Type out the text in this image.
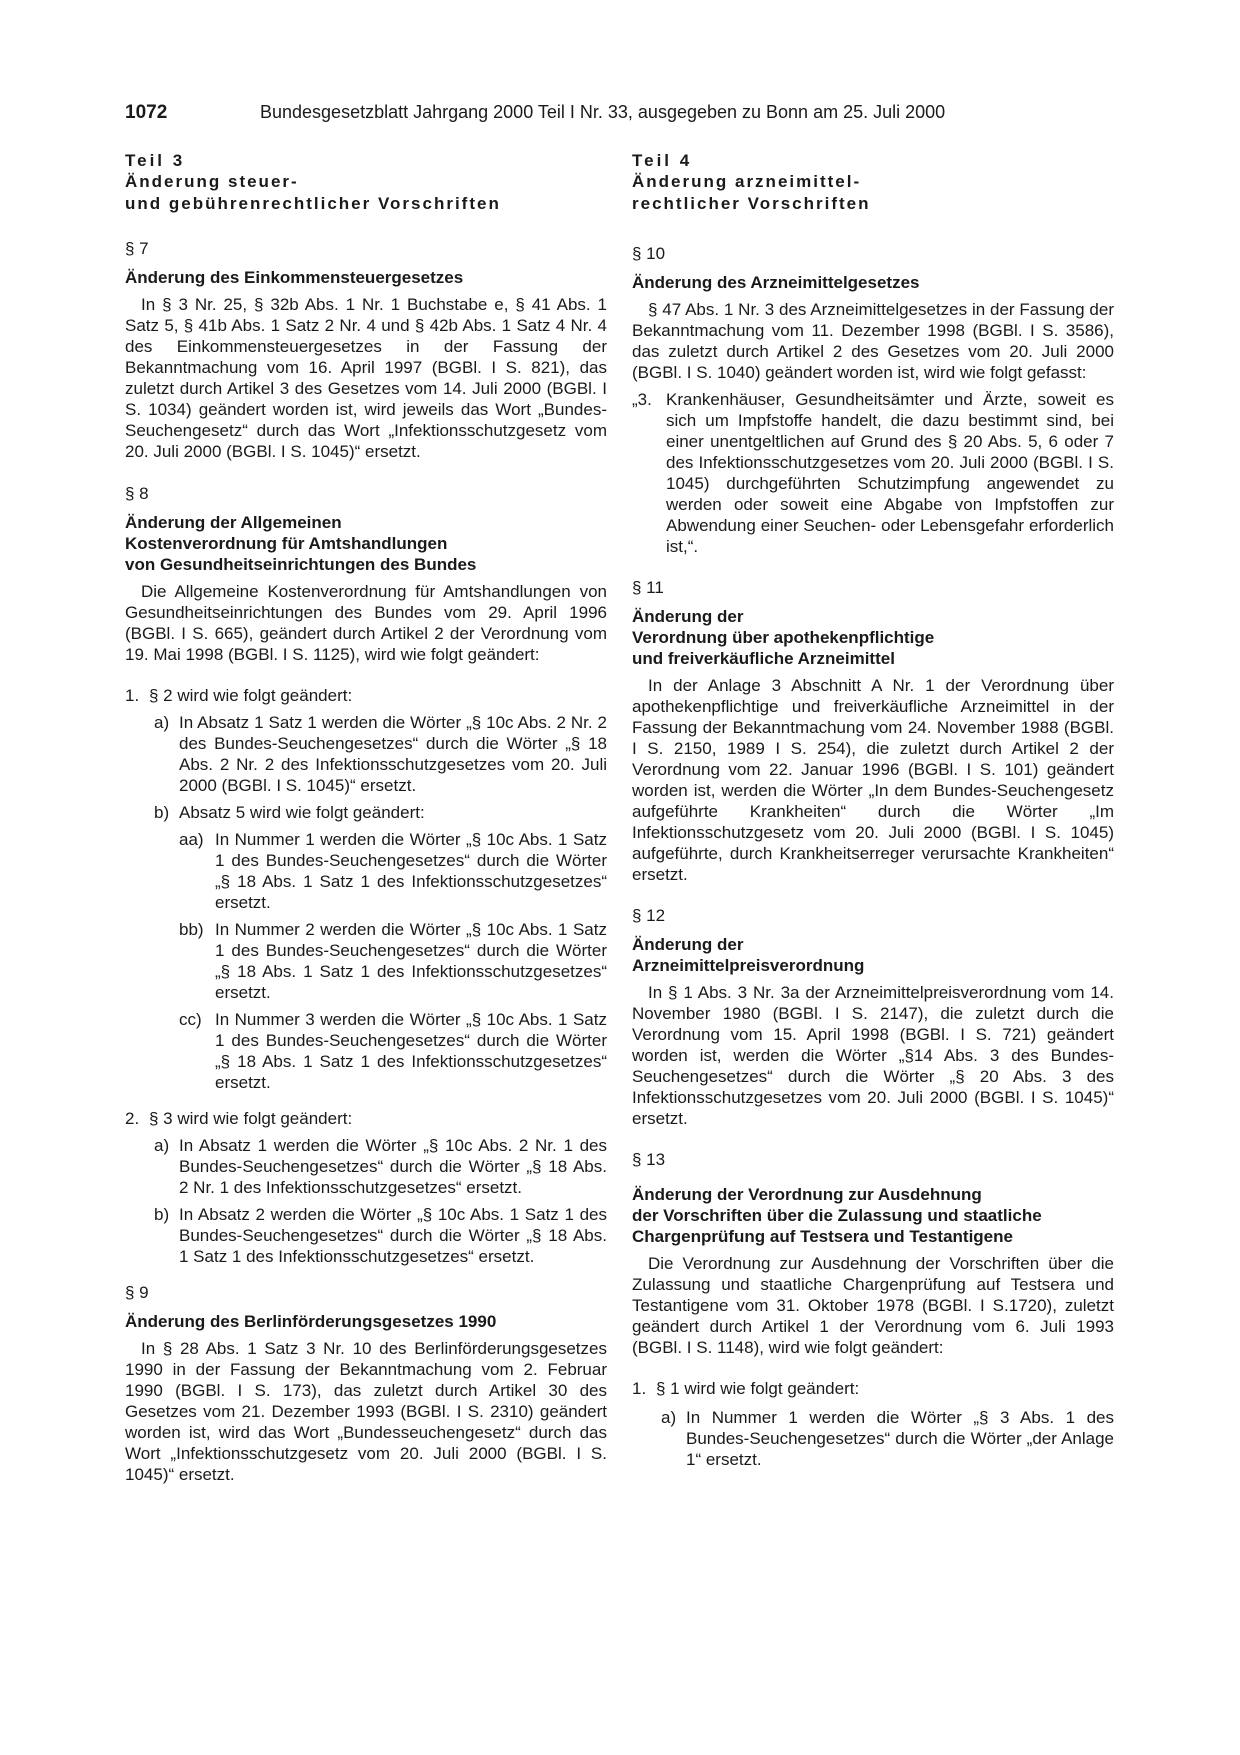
1072	Bundesgesetzblatt Jahrgang 2000 Teil I Nr. 33, ausgegeben zu Bonn am 25. Juli 2000

Teil 3

Änderung steuer-
und gebührenrechtlicher Vorschriften

§ 7

Änderung des Einkommensteuergesetzes

In § 3 Nr. 25, § 32b Abs. 1 Nr. 1 Buchstabe e, § 41 Abs. 1 Satz 5, § 41b Abs. 1 Satz 2 Nr. 4 und § 42b Abs. 1 Satz 4 Nr. 4 des Einkommensteuergesetzes in der Fassung der Bekanntmachung vom 16. April 1997 (BGBl. I S. 821), das zuletzt durch Artikel 3 des Gesetzes vom 14. Juli 2000 (BGBl. I S. 1034) geändert worden ist, wird jeweils das Wort „Bundes-Seuchengesetz“ durch das Wort „Infektionsschutzgesetz vom 20. Juli 2000 (BGBl. I S. 1045)“ ersetzt.

§ 8

Änderung der Allgemeinen
Kostenverordnung für Amtshandlungen
von Gesundheitseinrichtungen des Bundes

Die Allgemeine Kostenverordnung für Amtshandlungen von Gesundheitseinrichtungen des Bundes vom 29. April 1996 (BGBl. I S. 665), geändert durch Artikel 2 der Verordnung vom 19. Mai 1998 (BGBl. I S. 1125), wird wie folgt geändert:

1. § 2 wird wie folgt geändert:
a) In Absatz 1 Satz 1 werden die Wörter „§ 10c Abs. 2 Nr. 2 des Bundes-Seuchengesetzes“ durch die Wörter „§ 18 Abs. 2 Nr. 2 des Infektionsschutzgesetzes vom 20. Juli 2000 (BGBl. I S. 1045)“ ersetzt.
b) Absatz 5 wird wie folgt geändert:
aa) In Nummer 1 werden die Wörter „§ 10c Abs. 1 Satz 1 des Bundes-Seuchengesetzes“ durch die Wörter „§ 18 Abs. 1 Satz 1 des Infektionsschutzgesetzes“ ersetzt.
bb) In Nummer 2 werden die Wörter „§ 10c Abs. 1 Satz 1 des Bundes-Seuchengesetzes“ durch die Wörter „§ 18 Abs. 1 Satz 1 des Infektionsschutzgesetzes“ ersetzt.
cc) In Nummer 3 werden die Wörter „§ 10c Abs. 1 Satz 1 des Bundes-Seuchengesetzes“ durch die Wörter „§ 18 Abs. 1 Satz 1 des Infektionsschutzgesetzes“ ersetzt.
2. § 3 wird wie folgt geändert:
a) In Absatz 1 werden die Wörter „§ 10c Abs. 2 Nr. 1 des Bundes-Seuchengesetzes“ durch die Wörter „§ 18 Abs. 2 Nr. 1 des Infektionsschutzgesetzes“ ersetzt.
b) In Absatz 2 werden die Wörter „§ 10c Abs. 1 Satz 1 des Bundes-Seuchengesetzes“ durch die Wörter „§ 18 Abs. 1 Satz 1 des Infektionsschutzgesetzes“ ersetzt.

§ 9

Änderung des Berlinförderungsgesetzes 1990

In § 28 Abs. 1 Satz 3 Nr. 10 des Berlinförderungsgesetzes 1990 in der Fassung der Bekanntmachung vom 2. Februar 1990 (BGBl. I S. 173), das zuletzt durch Artikel 30 des Gesetzes vom 21. Dezember 1993 (BGBl. I S. 2310) geändert worden ist, wird das Wort „Bundesseuchengesetz“ durch das Wort „Infektionsschutzgesetz vom 20. Juli 2000 (BGBl. I S. 1045)“ ersetzt.

Teil 4

Änderung arzneimittel-
rechtlicher Vorschriften

§ 10

Änderung des Arzneimittelgesetzes

§ 47 Abs. 1 Nr. 3 des Arzneimittelgesetzes in der Fassung der Bekanntmachung vom 11. Dezember 1998 (BGBl. I S. 3586), das zuletzt durch Artikel 2 des Gesetzes vom 20. Juli 2000 (BGBl. I S. 1040) geändert worden ist, wird wie folgt gefasst:

„3. Krankenhäuser, Gesundheitsämter und Ärzte, soweit es sich um Impfstoffe handelt, die dazu bestimmt sind, bei einer unentgeltlichen auf Grund des § 20 Abs. 5, 6 oder 7 des Infektionsschutzgesetzes vom 20. Juli 2000 (BGBl. I S. 1045) durchgeführten Schutzimpfung angewendet zu werden oder soweit eine Abgabe von Impfstoffen zur Abwendung einer Seuchen- oder Lebensgefahr erforderlich ist,“.

§ 11

Änderung der
Verordnung über apothekenpflichtige
und freiverkäufliche Arzneimittel

In der Anlage 3 Abschnitt A Nr. 1 der Verordnung über apothekenpflichtige und freiverkäufliche Arzneimittel in der Fassung der Bekanntmachung vom 24. November 1988 (BGBl. I S. 2150, 1989 I S. 254), die zuletzt durch Artikel 2 der Verordnung vom 22. Januar 1996 (BGBl. I S. 101) geändert worden ist, werden die Wörter „In dem Bundes-Seuchengesetz aufgeführte Krankheiten“ durch die Wörter „Im Infektionsschutzgesetz vom 20. Juli 2000 (BGBl. I S. 1045) aufgeführte, durch Krankheitserreger verursachte Krankheiten“ ersetzt.

§ 12

Änderung der
Arzneimittelpreisverordnung

In § 1 Abs. 3 Nr. 3a der Arzneimittelpreisverordnung vom 14. November 1980 (BGBl. I S. 2147), die zuletzt durch die Verordnung vom 15. April 1998 (BGBl. I S. 721) geändert worden ist, werden die Wörter „§14 Abs. 3 des Bundes-Seuchengesetzes“ durch die Wörter „§ 20 Abs. 3 des Infektionsschutzgesetzes vom 20. Juli 2000 (BGBl. I S. 1045)“ ersetzt.

§ 13

Änderung der Verordnung zur Ausdehnung
der Vorschriften über die Zulassung und staatliche
Chargenprüfung auf Testsera und Testantigene

Die Verordnung zur Ausdehnung der Vorschriften über die Zulassung und staatliche Chargenprüfung auf Testsera und Testantigene vom 31. Oktober 1978 (BGBl. I S.1720), zuletzt geändert durch Artikel 1 der Verordnung vom 6. Juli 1993 (BGBl. I S. 1148), wird wie folgt geändert:

1. § 1 wird wie folgt geändert:
a) In Nummer 1 werden die Wörter „§ 3 Abs. 1 des Bundes-Seuchengesetzes“ durch die Wörter „der Anlage 1“ ersetzt.
